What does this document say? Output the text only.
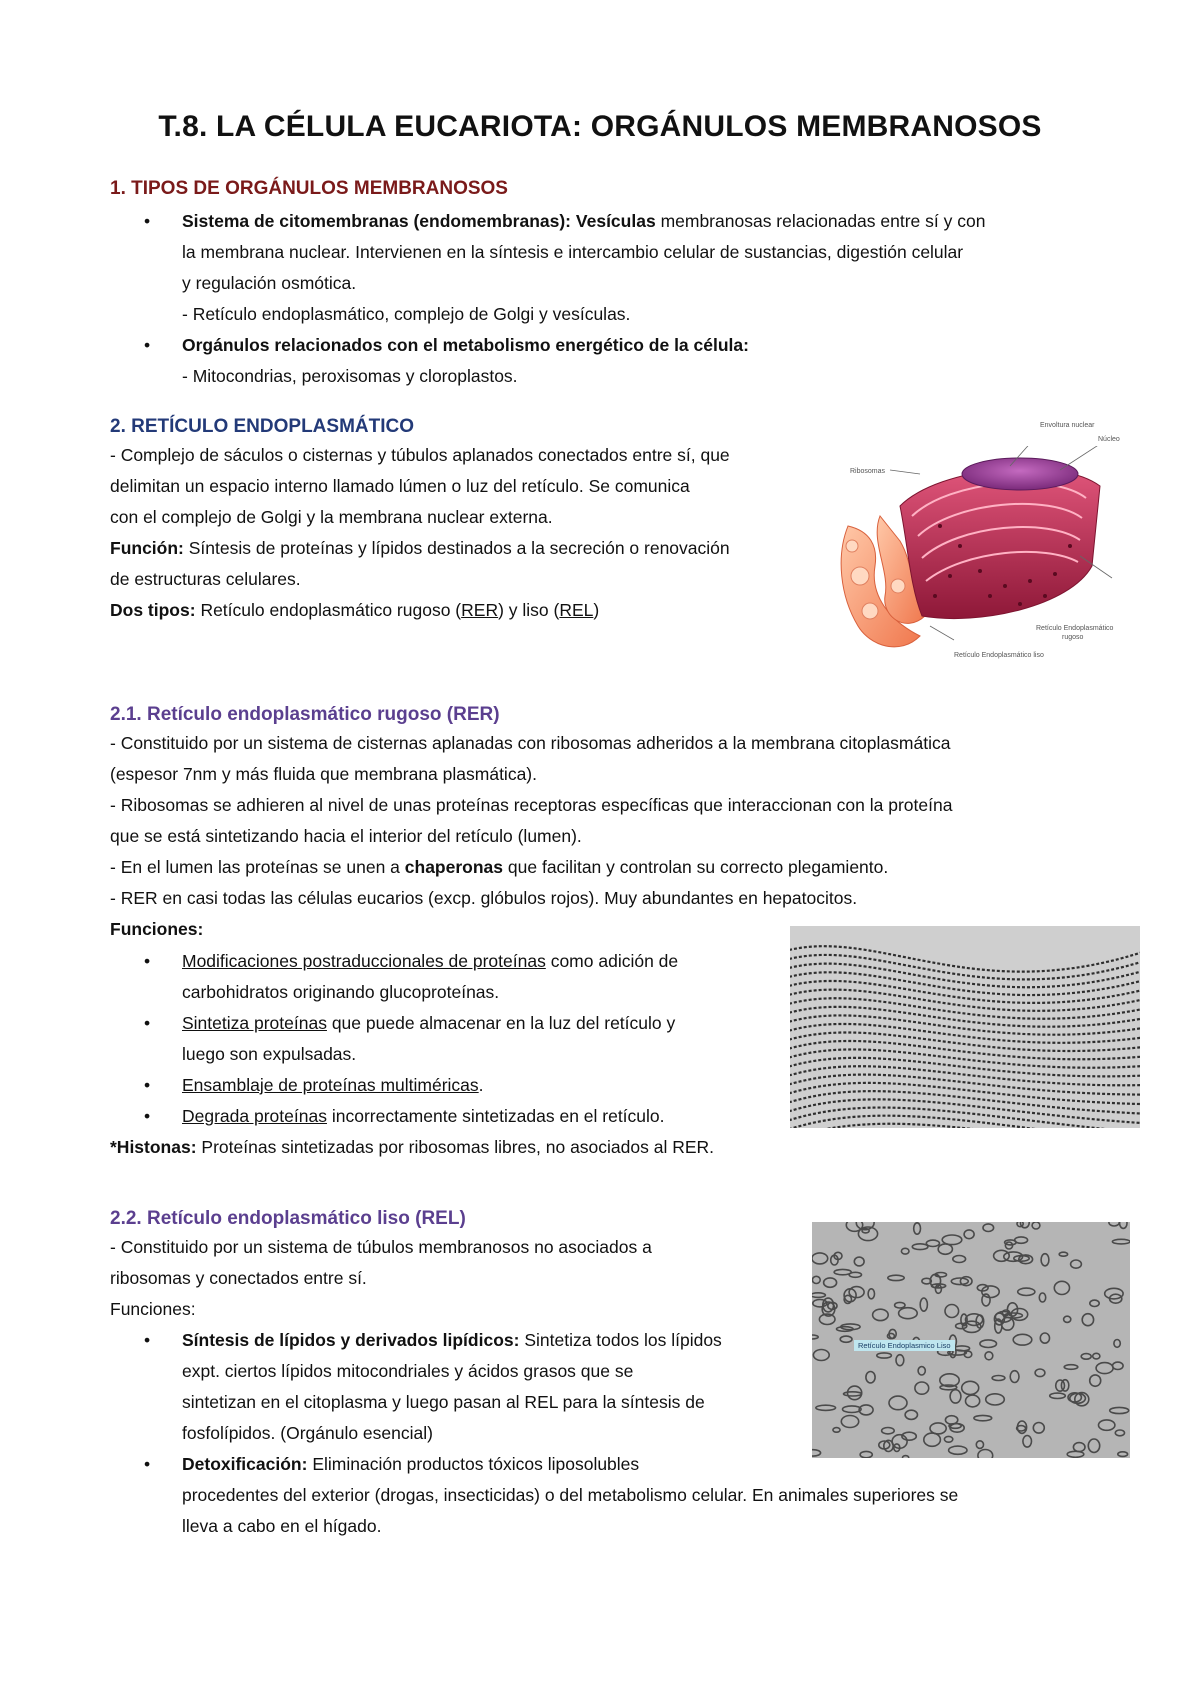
T.8. LA CÉLULA EUCARIOTA: ORGÁNULOS MEMBRANOSOS
1. TIPOS DE ORGÁNULOS MEMBRANOSOS
• Sistema de citomembranas (endomembranas): Vesículas membranosas relacionadas entre sí y con
la membrana nuclear. Intervienen en la síntesis e intercambio celular de sustancias, digestión celular
y regulación osmótica.
- Retículo endoplasmático, complejo de Golgi y vesículas.
• Orgánulos relacionados con el metabolismo energético de la célula:
- Mitocondrias, peroxisomas y cloroplastos.
2. RETÍCULO ENDOPLASMÁTICO
- Complejo de sáculos o cisternas y túbulos aplanados conectados entre sí, que
delimitan un espacio interno llamado lúmen o luz del retículo. Se comunica
con el complejo de Golgi y la membrana nuclear externa.
Función: Síntesis de proteínas y lípidos destinados a la secreción o renovación
de estructuras celulares.
Dos tipos: Retículo endoplasmático rugoso (RER) y liso (REL)
Envoltura nuclear
Núcleo
Ribosomas
Retículo Endoplasmático
rugoso
Retículo Endoplasmático liso
2.1. Retículo endoplasmático rugoso (RER)
- Constituido por un sistema de cisternas aplanadas con ribosomas adheridos a la membrana citoplasmática
(espesor 7nm y más fluida que membrana plasmática).
- Ribosomas se adhieren al nivel de unas proteínas receptoras específicas que interaccionan con la proteína
que se está sintetizando hacia el interior del retículo (lumen).
- En el lumen las proteínas se unen a chaperonas que facilitan y controlan su correcto plegamiento.
- RER en casi todas las células eucarios (excp. glóbulos rojos). Muy abundantes en hepatocitos.
Funciones:
• Modificaciones postraduccionales de proteínas como adición de
carbohidratos originando glucoproteínas.
• Sintetiza proteínas que puede almacenar en la luz del retículo y
luego son expulsadas.
• Ensamblaje de proteínas multiméricas.
• Degrada proteínas incorrectamente sintetizadas en el retículo.
*Histonas: Proteínas sintetizadas por ribosomas libres, no asociados al RER.
2.2. Retículo endoplasmático liso (REL)
- Constituido por un sistema de túbulos membranosos no asociados a
ribosomas y conectados entre sí.
Funciones:
• Síntesis de lípidos y derivados lipídicos: Sintetiza todos los lípidos
expt. ciertos lípidos mitocondriales y ácidos grasos que se
sintetizan en el citoplasma y luego pasan al REL para la síntesis de
fosfolípidos. (Orgánulo esencial)
• Detoxificación: Eliminación productos tóxicos liposolubles
procedentes del exterior (drogas, insecticidas) o del metabolismo celular. En animales superiores se
lleva a cabo en el hígado.
Retículo Endoplasmico Liso
